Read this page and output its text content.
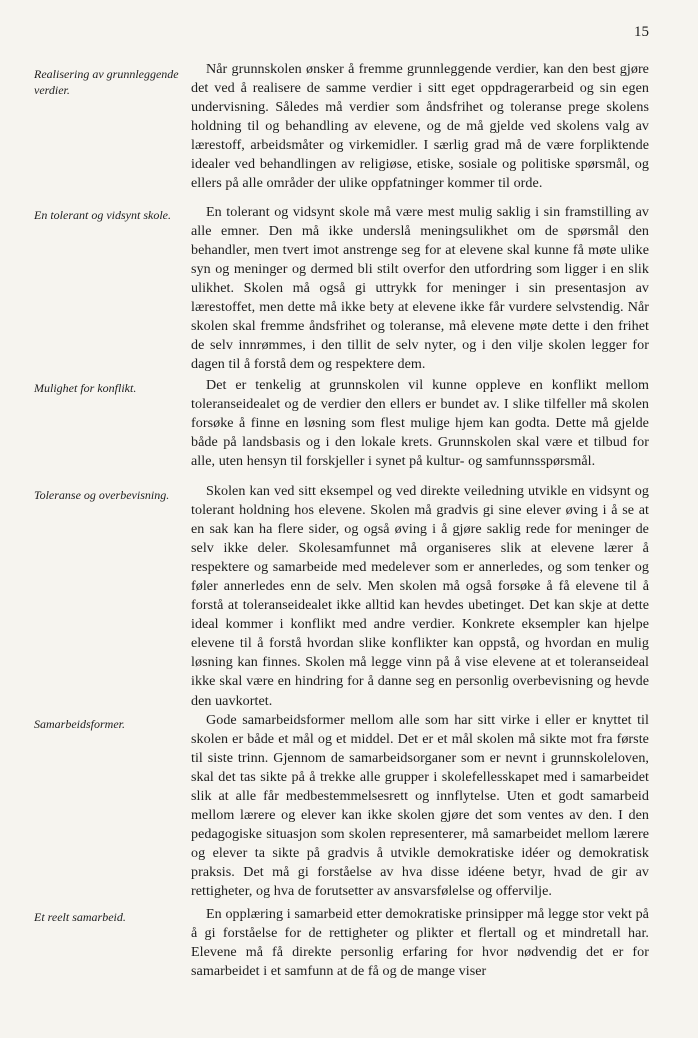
15
Realisering av grunnleggende verdier.

Når grunnskolen ønsker å fremme grunnleggende verdier, kan den best gjøre det ved å realisere de samme verdier i sitt eget oppdragerarbeid og sin egen undervisning. Således må verdier som åndsfrihet og toleranse prege skolens holdning til og behandling av elevene, og de må gjelde ved skolens valg av lærestoff, arbeidsmåter og virkemidler. I særlig grad må de være forpliktende idealer ved behandlingen av religiøse, etiske, sosiale og politiske spørsmål, og ellers på alle områder der ulike oppfatninger kommer til orde.

En tolerant og vidsynt skole.	En tolerant og vidsynt skole må være mest mulig saklig i sin framstilling av alle emner. Den må ikke underslå meningsulikhet om de spørsmål den behandler, men tvert imot anstrenge seg for at elevene skal kunne få møte ulike syn og meninger og dermed bli stilt overfor den utfordring som ligger i en slik ulikhet. Skolen må også gi uttrykk for meninger i sin presentasjon av lærestoffet, men dette må ikke bety at elevene ikke får vurdere selvstendig. Når skolen skal fremme åndsfrihet og toleranse, må elevene møte dette i den frihet de selv innrømmes, i den tillit de selv nyter, og i den vilje skolen legger for dagen til å forstå dem og respektere dem.

Mulighet for konflikt.	Det er tenkelig at grunnskolen vil kunne oppleve en konflikt mellom toleranseidealet og de verdier den ellers er bundet av. I slike tilfeller må skolen forsøke å finne en løsning som flest mulige hjem kan godta. Dette må gjelde både på landsbasis og i den lokale krets. Grunnskolen skal være et tilbud for alle, uten hensyn til forskjeller i synet på kultur- og samfunnsspørsmål.

Toleranse og overbevisning.	Skolen kan ved sitt eksempel og ved direkte veiledning utvikle en vidsynt og tolerant holdning hos elevene. Skolen må gradvis gi sine elever øving i å se at en sak kan ha flere sider, og også øving i å gjøre saklig rede for meninger de selv ikke deler. Skolesamfunnet må organiseres slik at elevene lærer å respektere og samarbeide med medelever som er annerledes, og som tenker og føler annerledes enn de selv. Men skolen må også forsøke å få elevene til å forstå at toleranseidealet ikke alltid kan hevdes ubetinget. Det kan skje at dette ideal kommer i konflikt med andre verdier. Konkrete eksempler kan hjelpe elevene til å forstå hvordan slike konflikter kan oppstå, og hvordan en mulig løsning kan finnes. Skolen må legge vinn på å vise elevene at et toleranseideal ikke skal være en hindring for å danne seg en personlig overbevisning og hevde den uavkortet.

Samarbeidsformer.	Gode samarbeidsformer mellom alle som har sitt virke i eller er knyttet til skolen er både et mål og et middel. Det er et mål skolen må sikte mot fra første til siste trinn. Gjennom de samarbeidsorganer som er nevnt i grunnskoleloven, skal det tas sikte på å trekke alle grupper i skolefellesskapet med i samarbeidet slik at alle får medbestemmelsesrett og innflytelse. Uten et godt samarbeid mellom lærere og elever kan ikke skolen gjøre det som ventes av den. I den pedagogiske situasjon som skolen representerer, må samarbeidet mellom lærere og elever ta sikte på gradvis å utvikle demokratiske idéer og demokratisk praksis. Det må gi forståelse av hva disse idéene betyr, hvad de gir av rettigheter, og hva de forutsetter av ansvarsfølelse og offervilje.

Et reelt samarbeid.	En opplæring i samarbeid etter demokratiske prinsipper må legge stor vekt på å gi forståelse for de rettigheter og plikter et flertall og et mindretall har. Elevene må få direkte personlig erfaring for hvor nødvendig det er for samarbeidet i et samfunn at de få og de mange viser
